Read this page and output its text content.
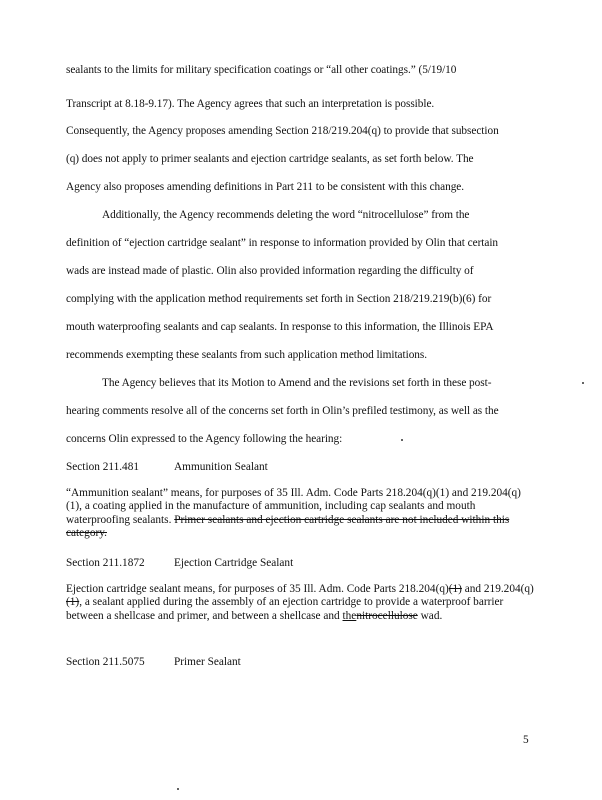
sealants to the limits for military specification coatings or “all other coatings.” (5/19/10
Transcript at 8.18-9.17). The Agency agrees that such an interpretation is possible.
Consequently, the Agency proposes amending Section 218/219.204(q) to provide that subsection
(q) does not apply to primer sealants and ejection cartridge sealants, as set forth below. The
Agency also proposes amending definitions in Part 211 to be consistent with this change.
Additionally, the Agency recommends deleting the word “nitrocellulose” from the
definition of “ejection cartridge sealant” in response to information provided by Olin that certain
wads are instead made of plastic. Olin also provided information regarding the difficulty of
complying with the application method requirements set forth in Section 218/219.219(b)(6) for
mouth waterproofing sealants and cap sealants. In response to this information, the Illinois EPA
recommends exempting these sealants from such application method limitations.
The Agency believes that its Motion to Amend and the revisions set forth in these post-
hearing comments resolve all of the concerns set forth in Olin’s prefiled testimony, as well as the
concerns Olin expressed to the Agency following the hearing:
Section 211.481	Ammunition Sealant
“Ammunition sealant” means, for purposes of 35 Ill. Adm. Code Parts 218.204(q)(1) and 219.204(q)(1), a coating applied in the manufacture of ammunition, including cap sealants and mouth waterproofing sealants. Primer sealants and ejection cartridge sealants are not included within this category.
Section 211.1872	Ejection Cartridge Sealant
Ejection cartridge sealant means, for purposes of 35 Ill. Adm. Code Parts 218.204(q)(1) and 219.204(q)(1), a sealant applied during the assembly of an ejection cartridge to provide a waterproof barrier between a shellcase and primer, and between a shellcase and thenitrocellulose wad.
Section 211.5075	Primer Sealant
5
